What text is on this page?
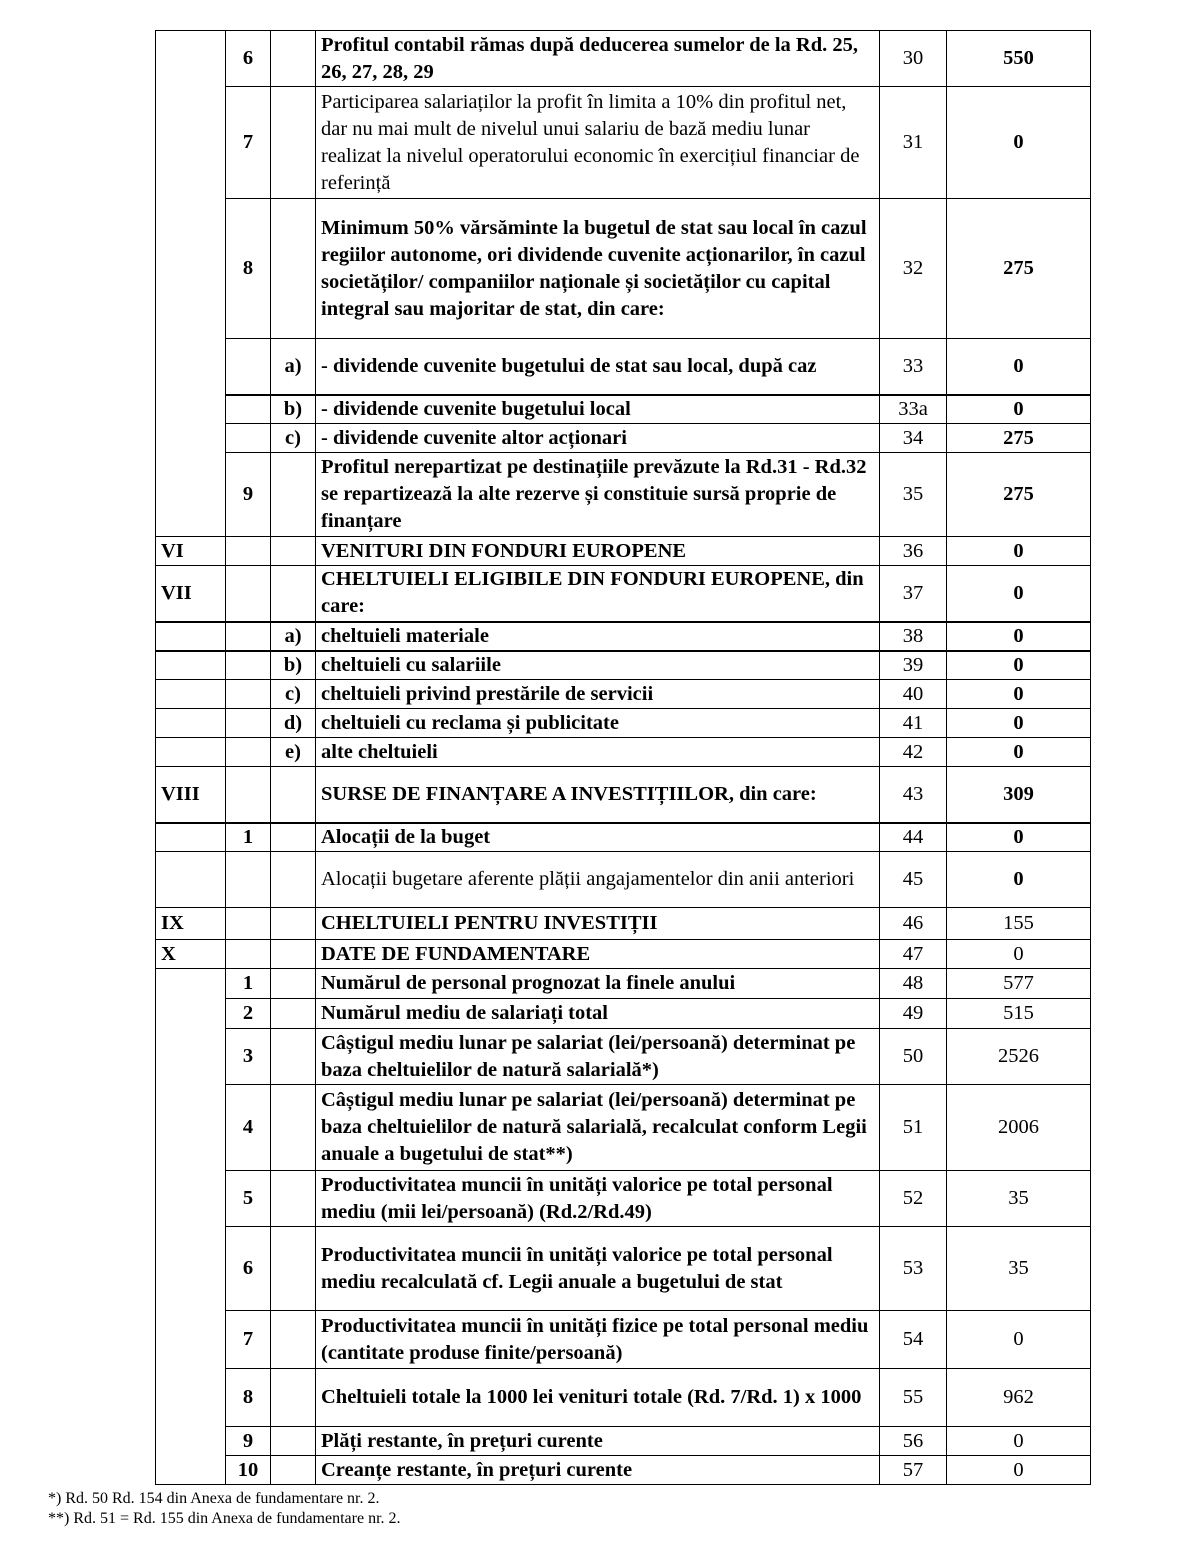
	6		Profitul contabil rămas după deducerea sumelor de la Rd. 25, 26, 27, 28, 29	30	550
	7		Participarea salariaților la profit în limita a 10% din profitul net, dar nu mai mult de nivelul unui salariu de bază mediu lunar realizat la nivelul operatorului economic în exercițiul financiar de referință	31	0
	8		Minimum 50% vărsăminte la bugetul de stat sau local în cazul regiilor autonome, ori dividende cuvenite acționarilor, în cazul societăților/ companiilor naționale și societăților cu capital integral sau majoritar de stat, din care:	32	275
		a)	- dividende cuvenite bugetului de stat sau local, după caz	33	0
		b)	- dividende cuvenite bugetului local	33a	0
		c)	- dividende cuvenite altor acționari	34	275
	9		Profitul nerepartizat pe destinațiile prevăzute la Rd.31 - Rd.32 se repartizează la alte rezerve și constituie sursă proprie de finanțare	35	275
VI			VENITURI DIN FONDURI EUROPENE	36	0
VII			CHELTUIELI ELIGIBILE DIN FONDURI EUROPENE, din care:	37	0
		a)	cheltuieli materiale	38	0
		b)	cheltuieli cu salariile	39	0
		c)	cheltuieli privind prestările de servicii	40	0
		d)	cheltuieli cu reclama și publicitate	41	0
		e)	alte cheltuieli	42	0
VIII			SURSE DE FINANȚARE A INVESTIȚIILOR, din care:	43	309
	1		Alocații de la buget	44	0
			Alocații bugetare aferente plății angajamentelor din anii anteriori	45	0
IX			CHELTUIELI PENTRU INVESTIȚII	46	155
X			DATE DE FUNDAMENTARE	47	0
	1		Numărul de personal prognozat la finele anului	48	577
	2		Numărul mediu de salariați total	49	515
	3		Câștigul mediu lunar pe salariat (lei/persoană) determinat pe baza cheltuielilor de natură salarială*)	50	2526
	4		Câștigul mediu lunar pe salariat (lei/persoană) determinat pe baza cheltuielilor de natură salarială, recalculat conform Legii anuale a bugetului de stat**)	51	2006
	5		Productivitatea muncii în unități valorice pe total personal mediu (mii lei/persoană) (Rd.2/Rd.49)	52	35
	6		Productivitatea muncii în unități valorice pe total personal mediu recalculată cf. Legii anuale a bugetului de stat	53	35
	7		Productivitatea muncii în unități fizice pe total personal mediu (cantitate produse finite/persoană)	54	0
	8		Cheltuieli totale la 1000 lei venituri totale (Rd. 7/Rd. 1) x 1000	55	962
	9		Plăți restante, în prețuri curente	56	0
	10		Creanțe restante, în prețuri curente	57	0
*) Rd. 50 Rd. 154 din Anexa de fundamentare nr. 2.
**) Rd. 51 = Rd. 155 din Anexa de fundamentare nr. 2.
